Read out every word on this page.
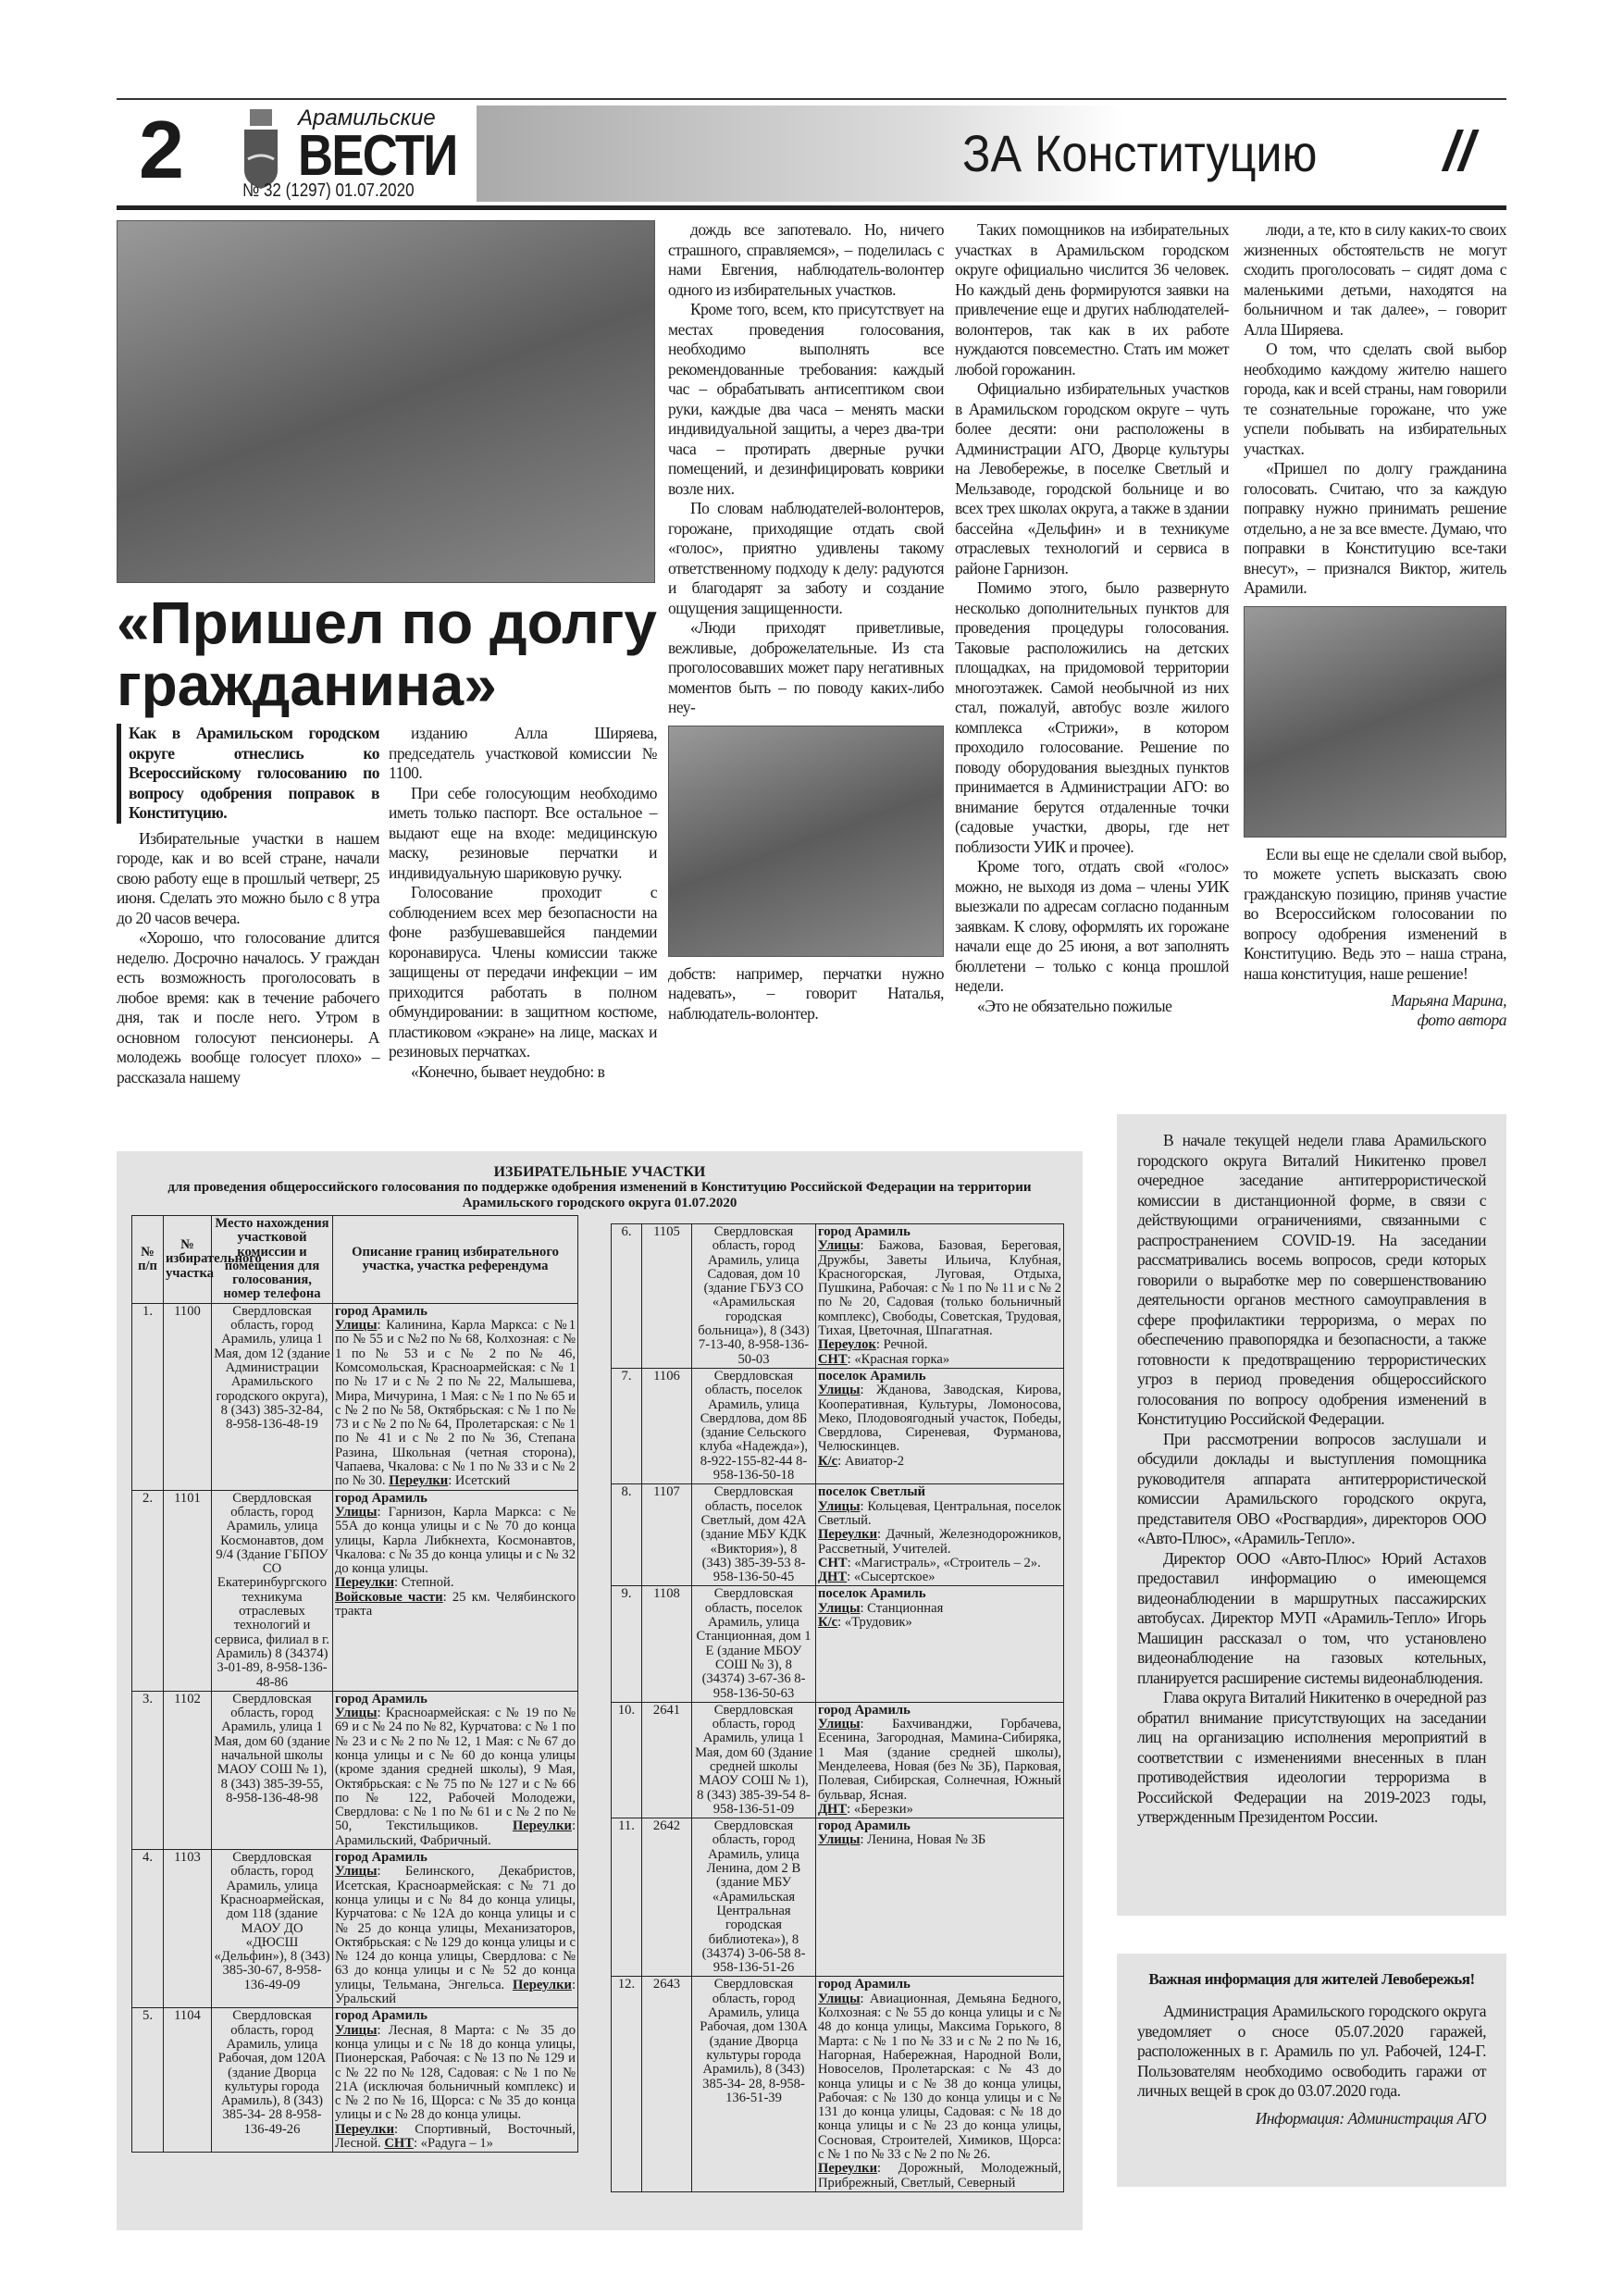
2	Арамильские
ВЕСТИ
№ 32 (1297) 01.07.2020
ЗА Конституцию //
«Пришел по долгу гражданина»

Как в Арамильском городском округе отнеслись ко Всероссийскому голосованию по вопросу одобрения поправок в Конституцию.

Избирательные участки в нашем городе, как и во всей стране, начали свою работу еще в прошлый четверг, 25 июня. Сделать это можно было с 8 утра до 20 часов вечера.

«Хорошо, что голосование длится неделю. Досрочно началось. У граждан есть возможность проголосовать в любое время: как в течение рабочего дня, так и после него. Утром в основном голосуют пенсионеры. А молодежь вообще голосует плохо» – рассказала нашему

изданию Алла Ширяева, председатель участковой комиссии № 1100.

При себе голосующим необходимо иметь только паспорт. Все остальное – выдают еще на входе: медицинскую маску, резиновые перчатки и индивидуальную шариковую ручку.

Голосование проходит с соблюдением всех мер безопасности на фоне разбушевавшейся пандемии коронавируса. Члены комиссии также защищены от передачи инфекции – им приходится работать в полном обмундировании: в защитном костюме, пластиковом «экране» на лице, масках и резиновых перчатках.

«Конечно, бывает неудобно: в

дождь все запотевало. Но, ничего страшного, справляемся», – поделилась с нами Евгения, наблюдатель-волонтер одного из избирательных участков.

Кроме того, всем, кто присутствует на местах проведения голосования, необходимо выполнять все рекомендованные требования: каждый час – обрабатывать антисептиком свои руки, каждые два часа – менять маски индивидуальной защиты, а через два-три часа – протирать дверные ручки помещений, и дезинфицировать коврики возле них.

По словам наблюдателей-волонтеров, горожане, приходящие отдать свой «голос», приятно удивлены такому ответственному подходу к делу: радуются и благодарят за заботу и создание ощущения защищенности.

«Люди приходят приветливые, вежливые, доброжелательные. Из ста проголосовавших может пару негативных моментов быть – по поводу каких-либо неу-

добств: например, перчатки нужно надевать», – говорит Наталья, наблюдатель-волонтер.

Таких помощников на избирательных участках в Арамильском городском округе официально числится 36 человек. Но каждый день формируются заявки на привлечение еще и других наблюдателей-волонтеров, так как в их работе нуждаются повсеместно. Стать им может любой горожанин.

Официально избирательных участков в Арамильском городском округе – чуть более десяти: они расположены в Администрации АГО, Дворце культуры на Левобережье, в поселке Светлый и Мельзаводе, городской больнице и во всех трех школах округа, а также в здании бассейна «Дельфин» и в техникуме отраслевых технологий и сервиса в районе Гарнизон.

Помимо этого, было развернуто несколько дополнительных пунктов для проведения процедуры голосования. Таковые расположились на детских площадках, на придомовой территории многоэтажек. Самой необычной из них стал, пожалуй, автобус возле жилого комплекса «Стрижи», в котором проходило голосование. Решение по поводу оборудования выездных пунктов принимается в Администрации АГО: во внимание берутся отдаленные точки (садовые участки, дворы, где нет поблизости УИК и прочее).

Кроме того, отдать свой «голос» можно, не выходя из дома – члены УИК выезжали по адресам согласно поданным заявкам. К слову, оформлять их горожане начали еще до 25 июня, а вот заполнять бюллетени – только с конца прошлой недели.

«Это не обязательно пожилые

люди, а те, кто в силу каких-то своих жизненных обстоятельств не могут сходить проголосовать – сидят дома с маленькими детьми, находятся на больничном и так далее», – говорит Алла Ширяева.

О том, что сделать свой выбор необходимо каждому жителю нашего города, как и всей страны, нам говорили те сознательные горожане, что уже успели побывать на избирательных участках.

«Пришел по долгу гражданина голосовать. Считаю, что за каждую поправку нужно принимать решение отдельно, а не за все вместе. Думаю, что поправки в Конституцию все-таки внесут», – признался Виктор, житель Арамили.

Если вы еще не сделали свой выбор, то можете успеть высказать свою гражданскую позицию, приняв участие во Всероссийском голосовании по вопросу одобрения изменений в Конституцию. Ведь это – наша страна, наша конституция, наше решение!

Марьяна Марина,
фото автора
ИЗБИРАТЕЛЬНЫЕ УЧАСТКИ
для проведения общероссийского голосования по поддержке одобрения изменений в Конституцию Российской Федерации на территории Арамильского городского округа 01.07.2020
№ п/п	№ избирательного участка	Место нахождения участковой комиссии и помещения для голосования, номер телефона	Описание границ избирательного участка, участка референдума
1.	1100	Свердловская область, город Арамиль, улица 1 Мая, дом 12 (здание Администрации Арамильского городского округа), 8 (343) 385-32-84, 8-958-136-48-19	город Арамиль
Улицы: Калинина, Карла Маркса: с №1 по № 55 и с №2 по № 68, Колхозная: с № 1 по № 53 и с № 2 по № 46, Комсомольская, Красноармейская: с № 1 по № 17 и с № 2 по № 22, Малышева, Мира, Мичурина, 1 Мая: с № 1 по № 65 и с № 2 по № 58, Октябрьская: с № 1 по № 73 и с № 2 по № 64, Пролетарская: с № 1 по № 41 и с № 2 по № 36, Степана Разина, Школьная (четная сторона), Чапаева, Чкалова: с № 1 по № 33 и с № 2 по № 30. Переулки: Исетский
2.	1101	Свердловская область, город Арамиль, улица Космонавтов, дом 9/4 (Здание ГБПОУ СО Екатеринбургского техникума отраслевых технологий и сервиса, филиал в г. Арамиль) 8 (34374) 3-01-89, 8-958-136-48-86	город Арамиль
Улицы: Гарнизон, Карла Маркса: с № 55А до конца улицы и с № 70 до конца улицы, Карла Либкнехта, Космонавтов, Чкалова: с № 35 до конца улицы и с № 32 до конца улицы.
Переулки: Степной.
Войсковые части: 25 км. Челябинского тракта
3.	1102	Свердловская область, город Арамиль, улица 1 Мая, дом 60 (здание начальной школы МАОУ СОШ № 1), 8 (343) 385-39-55, 8-958-136-48-98	город Арамиль
Улицы: Красноармейская: с № 19 по № 69 и с № 24 по № 82, Курчатова: с № 1 по № 23 и с № 2 по № 12, 1 Мая: с № 67 до конца улицы и с № 60 до конца улицы (кроме здания средней школы), 9 Мая, Октябрьская: с № 75 по № 127 и с № 66 по № 122, Рабочей Молодежи, Свердлова: с № 1 по № 61 и с № 2 по № 50, Текстильщиков. Переулки: Арамильский, Фабричный.
4.	1103	Свердловская область, город Арамиль, улица Красноармейская, дом 118 (здание МАОУ ДО «ДЮСШ «Дельфин»), 8 (343) 385-30-67, 8-958-136-49-09	город Арамиль
Улицы: Белинского, Декабристов, Исетская, Красноармейская: с № 71 до конца улицы и с № 84 до конца улицы, Курчатова: с № 12А до конца улицы и с № 25 до конца улицы, Механизаторов, Октябрьская: с № 129 до конца улицы и с № 124 до конца улицы, Свердлова: с № 63 до конца улицы и с № 52 до конца улицы, Тельмана, Энгельса. Переулки: Уральский
5.	1104	Свердловская область, город Арамиль, улица Рабочая, дом 120А (здание Дворца культуры города Арамиль), 8 (343) 385-34- 28 8-958-136-49-26	город Арамиль
Улицы: Лесная, 8 Марта: с № 35 до конца улицы и с № 18 до конца улицы, Пионерская, Рабочая: с № 13 по № 129 и с № 22 по № 128, Садовая: с № 1 по № 21А (исключая больничный комплекс) и с № 2 по № 16, Щорса: с № 35 до конца улицы и с № 28 до конца улицы.
Переулки: Спортивный, Восточный, Лесной. СНТ: «Радуга – 1»
6.	1105	Свердловская область, город Арамиль, улица Садовая, дом 10 (здание ГБУЗ СО «Арамильская городская больница»), 8 (343) 7-13-40, 8-958-136-50-03	город Арамиль
Улицы: Бажова, Базовая, Береговая, Дружбы, Заветы Ильича, Клубная, Красногорская, Луговая, Отдыха, Пушкина, Рабочая: с № 1 по № 11 и с № 2 по № 20, Садовая (только больничный комплекс), Свободы, Советская, Трудовая, Тихая, Цветочная, Шпагатная.
Переулок: Речной.
СНТ: «Красная горка»
7.	1106	Свердловская область, поселок Арамиль, улица Свердлова, дом 8Б (здание Сельского клуба «Надежда»), 8-922-155-82-44 8-958-136-50-18	поселок Арамиль
Улицы: Жданова, Заводская, Кирова, Кооперативная, Культуры, Ломоносова, Меко, Плодовоягодный участок, Победы, Свердлова, Сиреневая, Фурманова, Челюскинцев.
К/с: Авиатор-2
8.	1107	Свердловская область, поселок Светлый, дом 42А (здание МБУ КДК «Виктория»), 8 (343) 385-39-53 8-958-136-50-45	поселок Светлый
Улицы: Кольцевая, Центральная, поселок Светлый.
Переулки: Дачный, Железнодорожников, Рассветный, Учителей.
СНТ: «Магистраль», «Строитель – 2».
ДНТ: «Сысертское»
9.	1108	Свердловская область, поселок Арамиль, улица Станционная, дом 1 Е (здание МБОУ СОШ № 3), 8 (34374) 3-67-36 8-958-136-50-63	поселок Арамиль
Улицы: Станционная
К/с: «Трудовик»
10.	2641	Свердловская область, город Арамиль, улица 1 Мая, дом 60 (Здание средней школы МАОУ СОШ № 1), 8 (343) 385-39-54 8-958-136-51-09	город Арамиль
Улицы: Бахчиванджи, Горбачева, Есенина, Загородная, Мамина-Сибиряка, 1 Мая (здание средней школы), Менделеева, Новая (без № 3Б), Парковая, Полевая, Сибирская, Солнечная, Южный бульвар, Ясная.
ДНТ: «Березки»
11.	2642	Свердловская область, город Арамиль, улица Ленина, дом 2 В (здание МБУ «Арамильская Центральная городская библиотека»), 8 (34374) 3-06-58 8-958-136-51-26	город Арамиль
Улицы: Ленина, Новая № 3Б
12.	2643	Свердловская область, город Арамиль, улица Рабочая, дом 130А (здание Дворца культуры города Арамиль), 8 (343) 385-34- 28, 8-958-136-51-39	город Арамиль
Улицы: Авиационная, Демьяна Бедного, Колхозная: с № 55 до конца улицы и с № 48 до конца улицы, Максима Горького, 8 Марта: с № 1 по № 33 и с № 2 по № 16, Нагорная, Набережная, Народной Воли, Новоселов, Пролетарская: с № 43 до конца улицы и с № 38 до конца улицы, Рабочая: с № 130 до конца улицы и с № 131 до конца улицы, Садовая: с № 18 до конца улицы и с № 23 до конца улицы, Сосновая, Строителей, Химиков, Щорса: с № 1 по № 33 с № 2 по № 26.
Переулки: Дорожный, Молодежный, Прибрежный, Светлый, Северный

В начале текущей недели глава Арамильского городского округа Виталий Никитенко провел очередное заседание антитеррористической комиссии в дистанционной форме, в связи с действующими ограничениями, связанными с распространением COVID-19. На заседании рассматривались восемь вопросов, среди которых говорили о выработке мер по совершенствованию деятельности органов местного самоуправления в сфере профилактики терроризма, о мерах по обеспечению правопорядка и безопасности, а также готовности к предотвращению террористических угроз в период проведения общероссийского голосования по вопросу одобрения изменений в Конституцию Российской Федерации.

При рассмотрении вопросов заслушали и обсудили доклады и выступления помощника руководителя аппарата антитеррористической комиссии Арамильского городского округа, представителя ОВО «Росгвардия», директоров ООО «Авто-Плюс», «Арамиль-Тепло».

Директор ООО «Авто-Плюс» Юрий Астахов предоставил информацию о имеющемся видеонаблюдении в маршрутных пассажирских автобусах. Директор МУП «Арамиль-Тепло» Игорь Машицин рассказал о том, что установлено видеонаблюдение на газовых котельных, планируется расширение системы видеонаблюдения.

Глава округа Виталий Никитенко в очередной раз обратил внимание присутствующих на заседании лиц на организацию исполнения мероприятий в соответствии с изменениями внесенных в план противодействия идеологии терроризма в Российской Федерации на 2019-2023 годы, утвержденным Президентом России.

Важная информация для жителей Левобережья!

Администрация Арамильского городского округа уведомляет о сносе 05.07.2020 гаражей, расположенных в г. Арамиль по ул. Рабочей, 124-Г. Пользователям необходимо освободить гаражи от личных вещей в срок до 03.07.2020 года.

Информация: Администрация АГО
